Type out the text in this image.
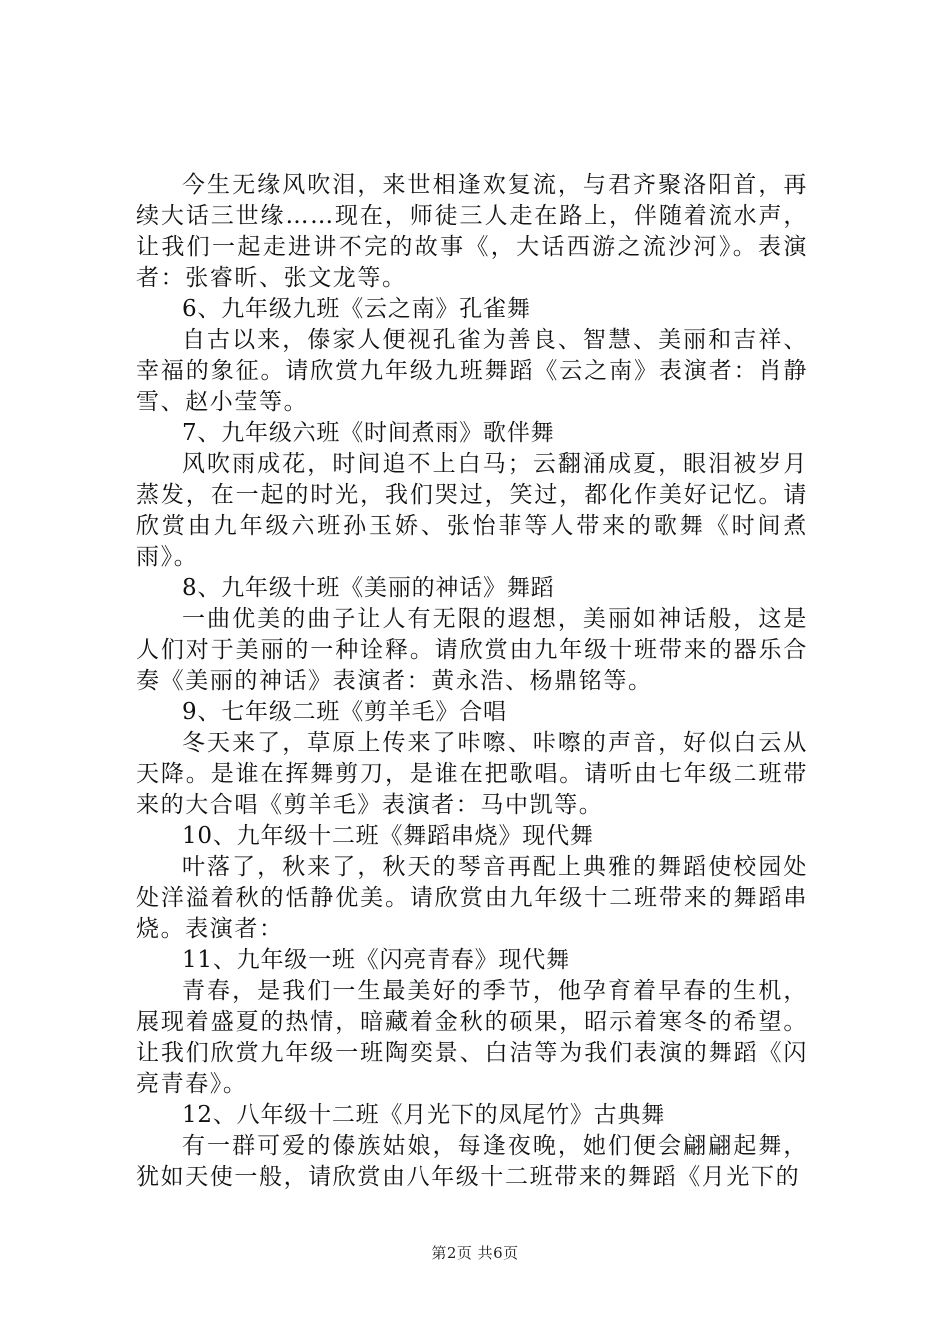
今生无缘风吹泪，来世相逢欢复流，与君齐聚洛阳首，再续大话三世缘……现在，师徒三人走在路上，伴随着流水声，让我们一起走进讲不完的故事《，大话西游之流沙河》。表演者：张睿昕、张文龙等。

6、九年级九班《云之南》孔雀舞

自古以来，傣家人便视孔雀为善良、智慧、美丽和吉祥、幸福的象征。请欣赏九年级九班舞蹈《云之南》表演者：肖静雪、赵小莹等。

7、九年级六班《时间煮雨》歌伴舞

风吹雨成花，时间追不上白马；云翻涌成夏，眼泪被岁月蒸发，在一起的时光，我们哭过，笑过，都化作美好记忆。请欣赏由九年级六班孙玉娇、张怡菲等人带来的歌舞《时间煮雨》。

8、九年级十班《美丽的神话》舞蹈

一曲优美的曲子让人有无限的遐想，美丽如神话般，这是人们对于美丽的一种诠释。请欣赏由九年级十班带来的器乐合奏《美丽的神话》表演者：黄永浩、杨鼎铭等。

9、七年级二班《剪羊毛》合唱

冬天来了，草原上传来了咔嚓、咔嚓的声音，好似白云从天降。是谁在挥舞剪刀，是谁在把歌唱。请听由七年级二班带来的大合唱《剪羊毛》表演者：马中凯等。

10、九年级十二班《舞蹈串烧》现代舞

叶落了，秋来了，秋天的琴音再配上典雅的舞蹈使校园处处洋溢着秋的恬静优美。请欣赏由九年级十二班带来的舞蹈串烧。表演者：

11、九年级一班《闪亮青春》现代舞

青春，是我们一生最美好的季节，他孕育着早春的生机，展现着盛夏的热情，暗藏着金秋的硕果，昭示着寒冬的希望。让我们欣赏九年级一班陶奕景、白洁等为我们表演的舞蹈《闪亮青春》。

12、八年级十二班《月光下的凤尾竹》古典舞

有一群可爱的傣族姑娘，每逢夜晚，她们便会翩翩起舞，犹如天使一般，请欣赏由八年级十二班带来的舞蹈《月光下的

第2页 共6页
